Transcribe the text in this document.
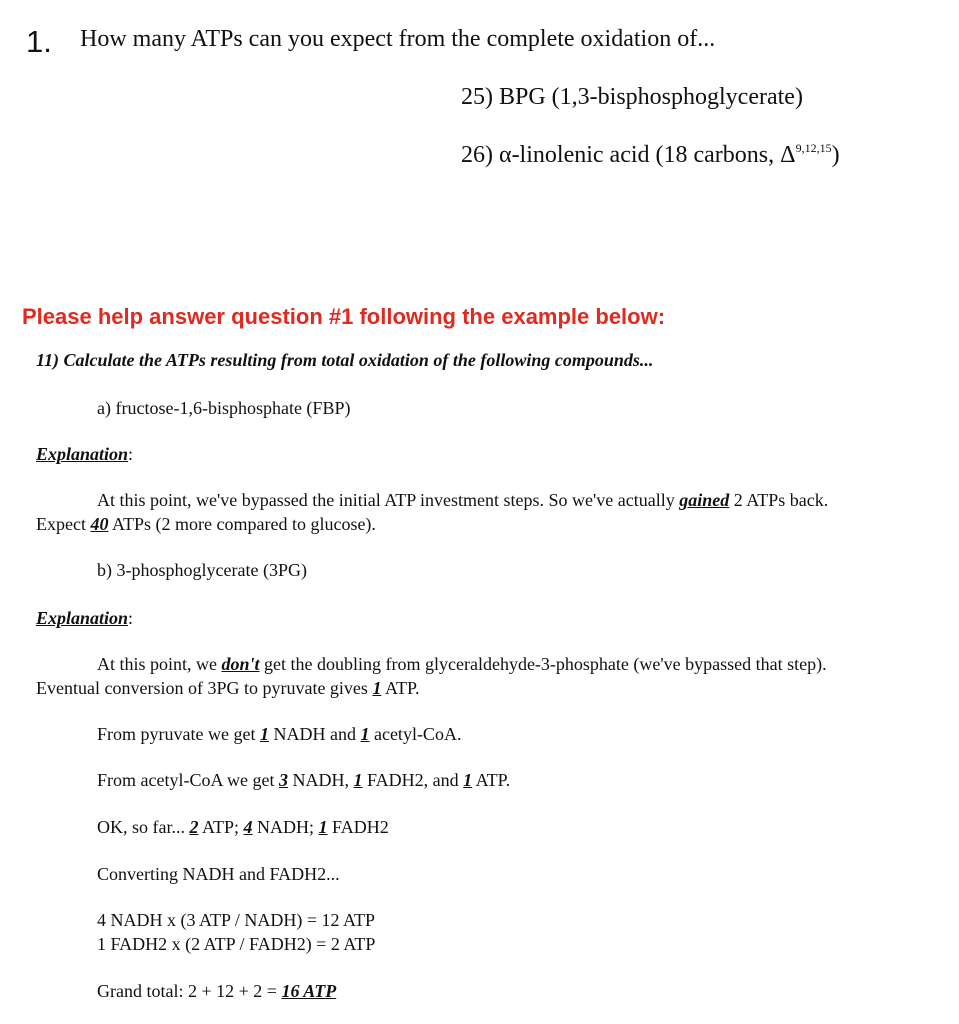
1. How many ATPs can you expect from the complete oxidation of...
25) BPG (1,3-bisphosphoglycerate)
26) α-linolenic acid (18 carbons, Δ$^{9,12,15}$)
Please help answer question #1 following the example below:
11) Calculate the ATPs resulting from total oxidation of the following compounds...
a) fructose-1,6-bisphosphate (FBP)
Explanation:
At this point, we've bypassed the initial ATP investment steps. So we've actually gained 2 ATPs back.
Expect 40 ATPs (2 more compared to glucose).
b) 3-phosphoglycerate (3PG)
Explanation:
At this point, we don't get the doubling from glyceraldehyde-3-phosphate (we've bypassed that step).
Eventual conversion of 3PG to pyruvate gives 1 ATP.
From pyruvate we get 1 NADH and 1 acetyl-CoA.
From acetyl-CoA we get 3 NADH, 1 FADH2, and 1 ATP.
OK, so far... 2 ATP; 4 NADH; 1 FADH2
Converting NADH and FADH2...
4 NADH x (3 ATP / NADH) = 12 ATP
1 FADH2 x (2 ATP / FADH2) = 2 ATP
Grand total: 2 + 12 + 2 = 16 ATP
